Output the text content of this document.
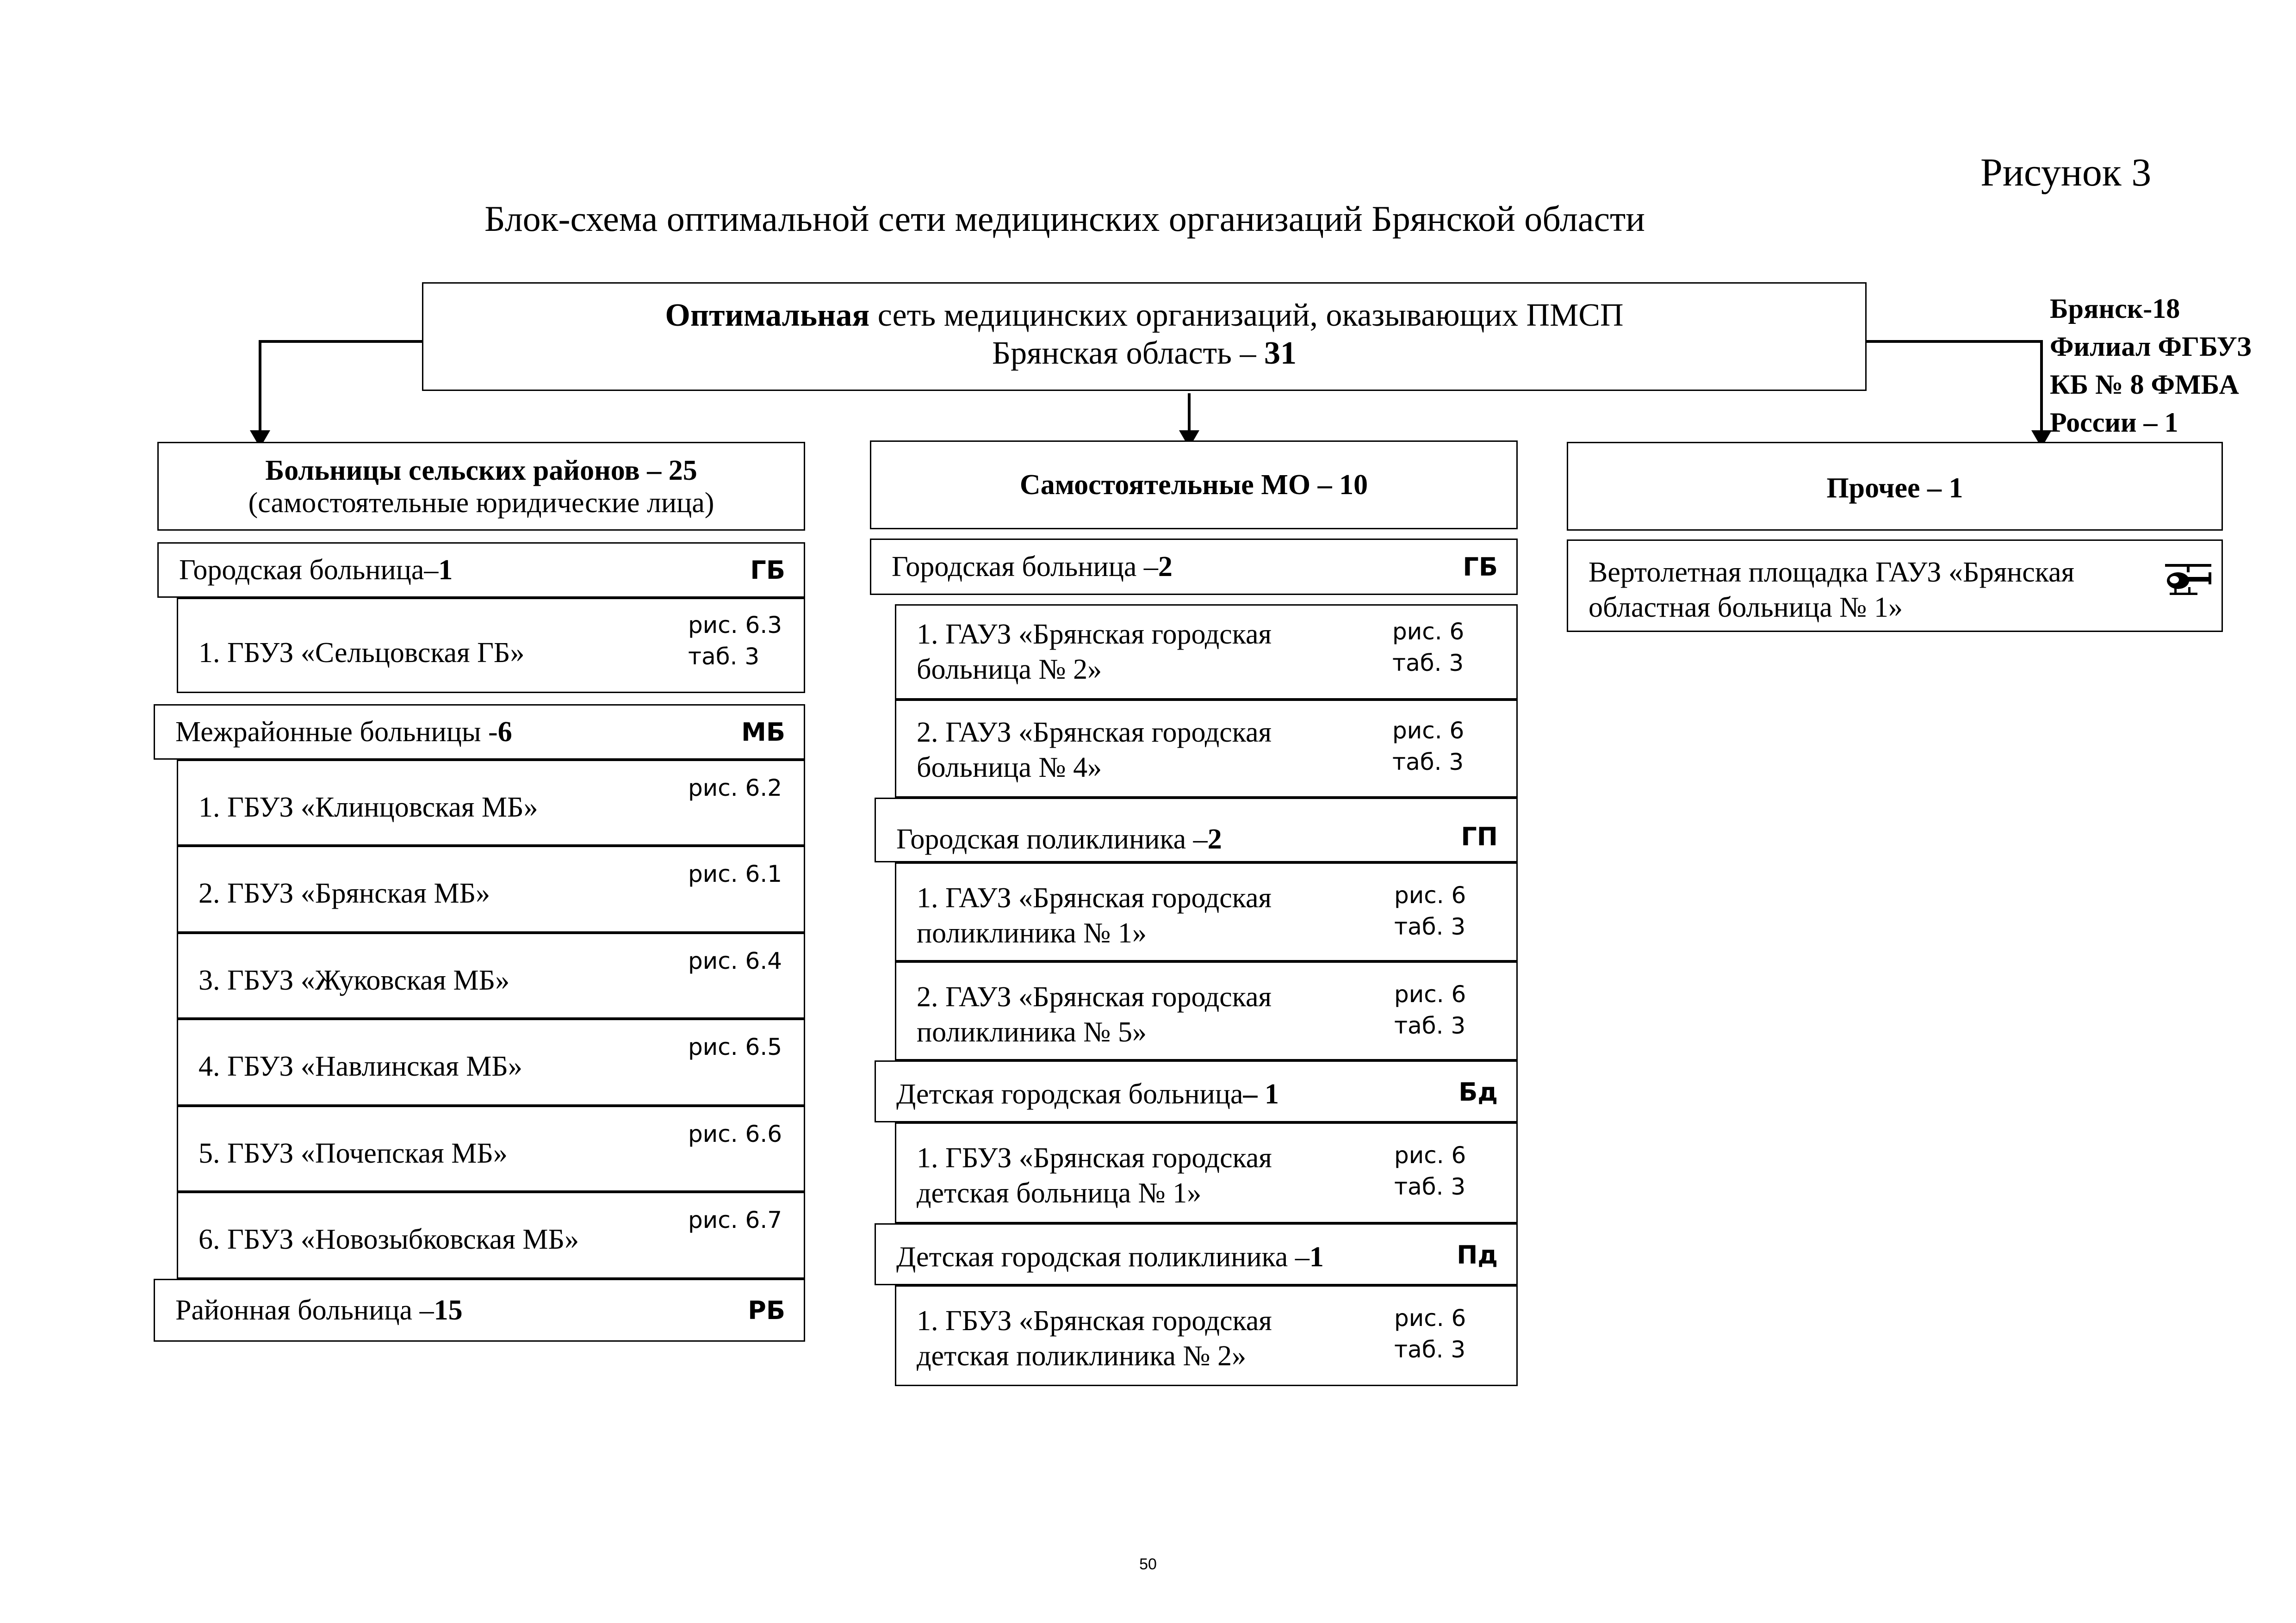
Рисунок 3
Блок-схема оптимальной сети медицинских организаций Брянской области
Оптимальная сеть медицинских организаций, оказывающих ПМСП
Брянская область – 31
Брянск-18
Филиал ФГБУЗ
КБ № 8 ФМБА
России – 1
Больницы сельских районов – 25
(самостоятельные юридические лица)
Городская больница– 1	ГБ
1. ГБУЗ «Сельцовская ГБ»
рис. 6.3
таб. 3
Межрайонные больницы - 6	МБ
1. ГБУЗ «Клинцовская МБ»
рис. 6.2
2. ГБУЗ «Брянская МБ»
рис. 6.1
3. ГБУЗ «Жуковская МБ»
рис. 6.4
4. ГБУЗ «Навлинская МБ»
рис. 6.5
5. ГБУЗ «Почепская МБ»
рис. 6.6
6. ГБУЗ «Новозыбковская МБ»
рис. 6.7
Районная больница – 15	РБ
Самостоятельные МО – 10
Городская больница – 2	ГБ
1. ГАУЗ «Брянская городская
больница № 2»
рис. 6
таб. 3
2. ГАУЗ «Брянская городская
больница № 4»
рис. 6
таб. 3
Городская поликлиника – 2	ГП
1. ГАУЗ «Брянская городская
поликлиника № 1»
рис. 6
таб. 3
2. ГАУЗ «Брянская городская
поликлиника № 5»
рис. 6
таб. 3
Детская городская больница – 1	Бд
1. ГБУЗ «Брянская городская
детская больница № 1»
рис. 6
таб. 3
Детская городская поликлиника – 1	Пд
1. ГБУЗ «Брянская городская
детская поликлиника № 2»
рис. 6
таб. 3
Прочее – 1
Вертолетная площадка ГАУЗ «Брянская
областная больница № 1»
50
